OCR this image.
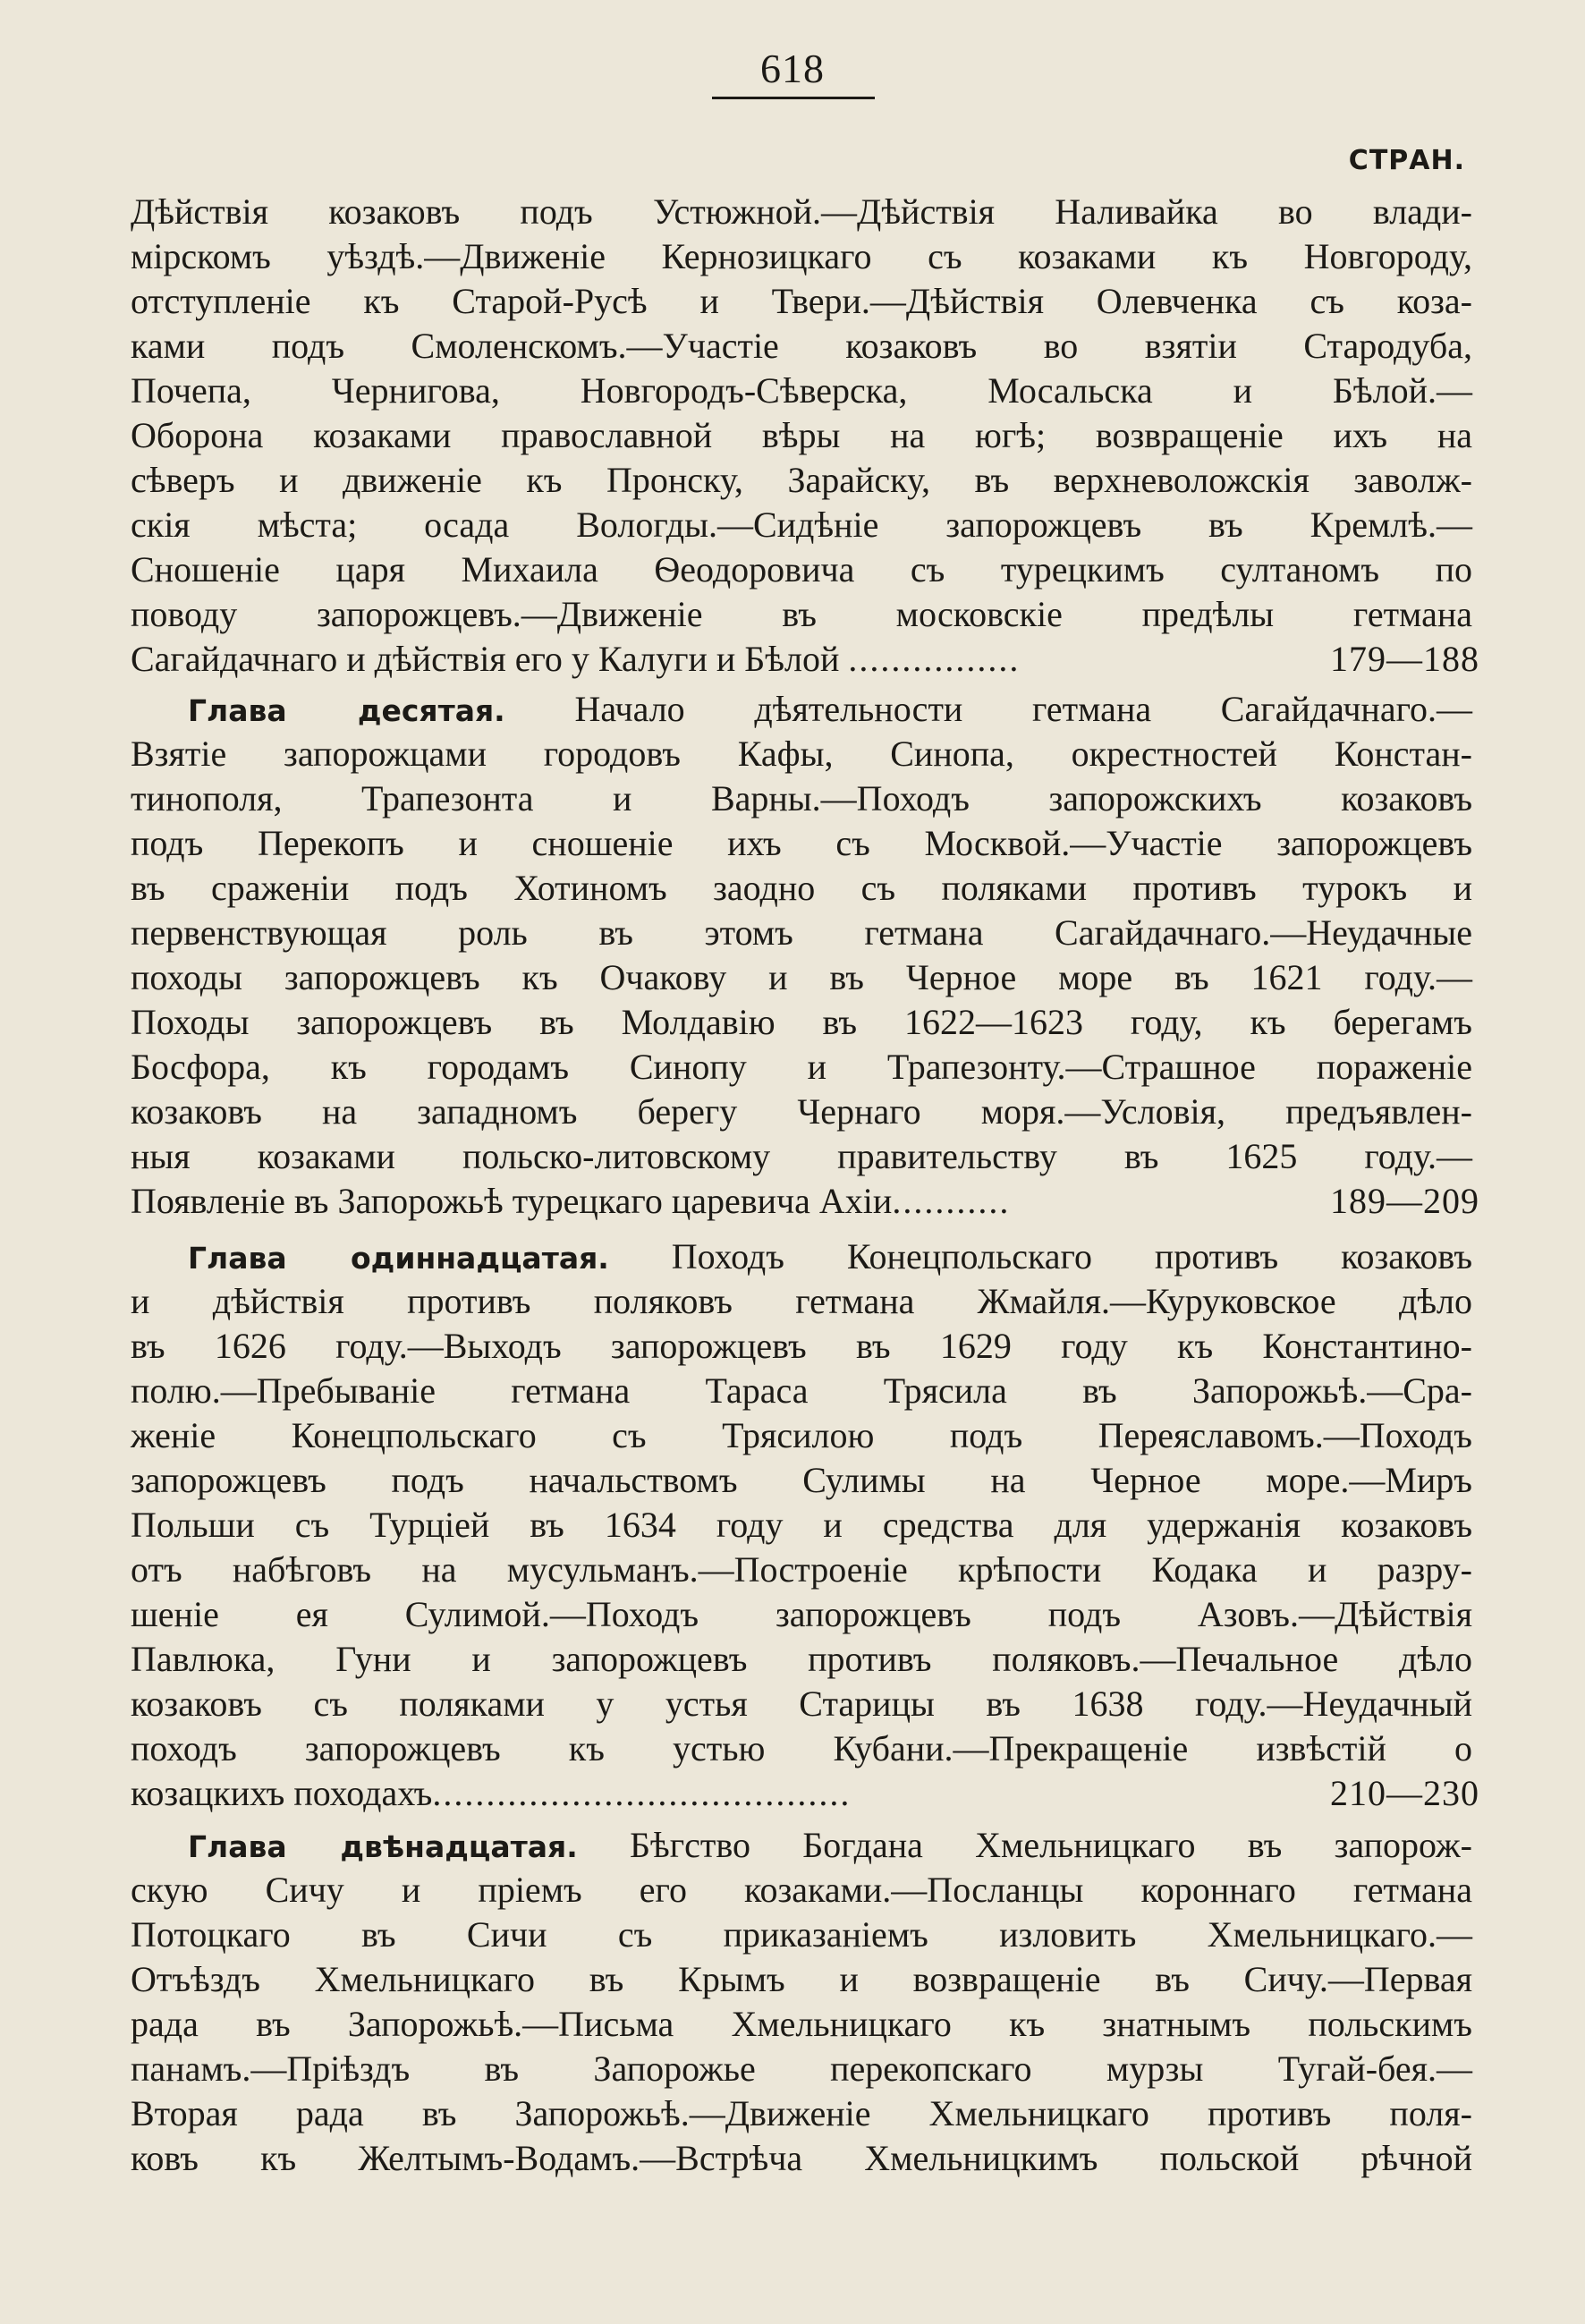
618
СТРАН.
Дѣйствія козаковъ подъ Устюжной.—Дѣйствія Наливайка во влади-
мірскомъ уѣздѣ.—Движеніе Кернозицкаго съ козаками къ Новгороду,
отступленіе къ Старой-Русѣ и Твери.—Дѣйствія Олевченка съ коза-
ками подъ Смоленскомъ.—Участіе козаковъ во взятіи Стародуба,
Почепа, Чернигова, Новгородъ-Сѣверска, Мосальска и Бѣлой.—
Оборона козаками православной вѣры на югѣ; возвращеніе ихъ на
сѣверъ и движеніе къ Пронску, Зарайску, въ верхневоложскія заволж-
скія мѣста; осада Вологды.—Сидѣніе запорожцевъ въ Кремлѣ.—
Сношеніе царя Михаила Ѳеодоровича съ турецкимъ султаномъ по
поводу запорожцевъ.—Движеніе въ московскіе предѣлы гетмана
Сагайдачнаго и дѣйствія его у Калуги и Бѣлой ................	179—188
Глава десятая. Начало дѣятельности гетмана Сагайдачнаго.—
Взятіе запорожцами городовъ Кафы, Синопа, окрестностей Констан-
тинополя, Трапезонта и Варны.—Походъ запорожскихъ козаковъ
подъ Перекопъ и сношеніе ихъ съ Москвой.—Участіе запорожцевъ
въ сраженіи подъ Хотиномъ заодно съ поляками противъ турокъ и
первенствующая роль въ этомъ гетмана Сагайдачнаго.—Неудачные
походы запорожцевъ къ Очакову и въ Черное море въ 1621 году.—
Походы запорожцевъ въ Молдавію въ 1622—1623 году, къ берегамъ
Босфора, къ городамъ Синопу и Трапезонту.—Страшное пораженіе
козаковъ на западномъ берегу Чернаго моря.—Условія, предъявлен-
ныя козаками польско-литовскому правительству въ 1625 году.—
Появленіе въ Запорожьѣ турецкаго царевича Ахіи...........	189—209
Глава одиннадцатая. Походъ Конецпольскаго противъ козаковъ
и дѣйствія противъ поляковъ гетмана Жмайля.—Куруковское дѣло
въ 1626 году.—Выходъ запорожцевъ въ 1629 году къ Константино-
полю.—Пребываніе гетмана Тараса Трясила въ Запорожьѣ.—Сра-
женіе Конецпольскаго съ Трясилою подъ Переяславомъ.—Походъ
запорожцевъ подъ начальствомъ Сулимы на Черное море.—Миръ
Польши съ Турціей въ 1634 году и средства для удержанія козаковъ
отъ набѣговъ на мусульманъ.—Построеніе крѣпости Кодака и разру-
шеніе ея Сулимой.—Походъ запорожцевъ подъ Азовъ.—Дѣйствія
Павлюка, Гуни и запорожцевъ противъ поляковъ.—Печальное дѣло
козаковъ съ поляками у устья Старицы въ 1638 году.—Неудачный
походъ запорожцевъ къ устью Кубани.—Прекращеніе извѣстій о
козацкихъ походахъ.......................................	210—230
Глава двѣнадцатая. Бѣгство Богдана Хмельницкаго въ запорож-
скую Сичу и пріемъ его козаками.—Посланцы короннаго гетмана
Потоцкаго въ Сичи съ приказаніемъ изловить Хмельницкаго.—
Отъѣздъ Хмельницкаго въ Крымъ и возвращеніе въ Сичу.—Первая
рада въ Запорожьѣ.—Письма Хмельницкаго къ знатнымъ польскимъ
панамъ.—Пріѣздъ въ Запорожье перекопскаго мурзы Тугай-бея.—
Вторая рада въ Запорожьѣ.—Движеніе Хмельницкаго противъ поля-
ковъ къ Желтымъ-Водамъ.—Встрѣча Хмельницкимъ польской рѣчной
